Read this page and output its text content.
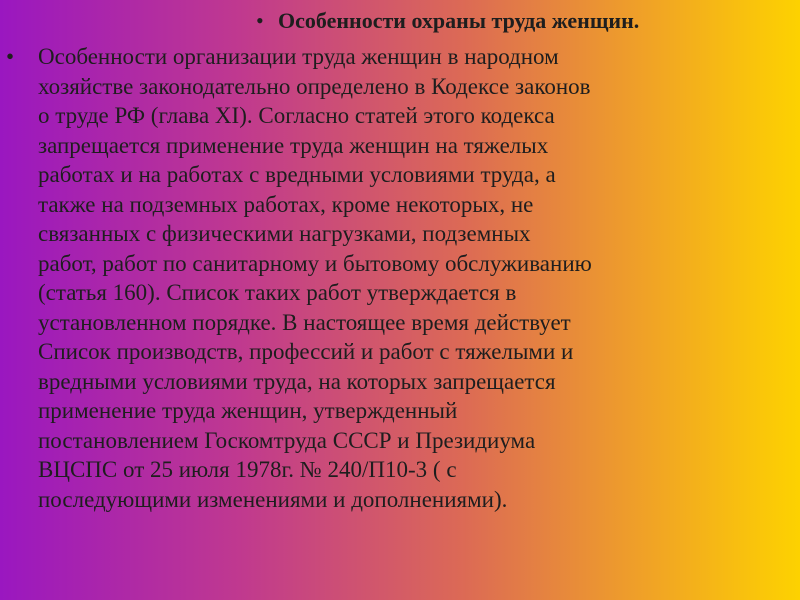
• Особенности охраны труда женщин.
•	Особенности организации труда женщин в народном
хозяйстве законодательно определено в Кодексе законов
о труде РФ (глава XI). Согласно статей этого кодекса
запрещается применение труда женщин на тяжелых
работах и на работах с вредными условиями труда, а
также на подземных работах, кроме некоторых, не
связанных с физическими нагрузками, подземных
работ, работ по санитарному и бытовому обслуживанию
(статья 160). Список таких работ утверждается в
установленном порядке. В настоящее время действует
Список производств, профессий и работ с тяжелыми и
вредными условиями труда, на которых запрещается
применение труда женщин, утвержденный
постановлением Госкомтруда СССР и Президиума
ВЦСПС от 25 июля 1978г. № 240/П10-3 ( с
последующими изменениями и дополнениями).
